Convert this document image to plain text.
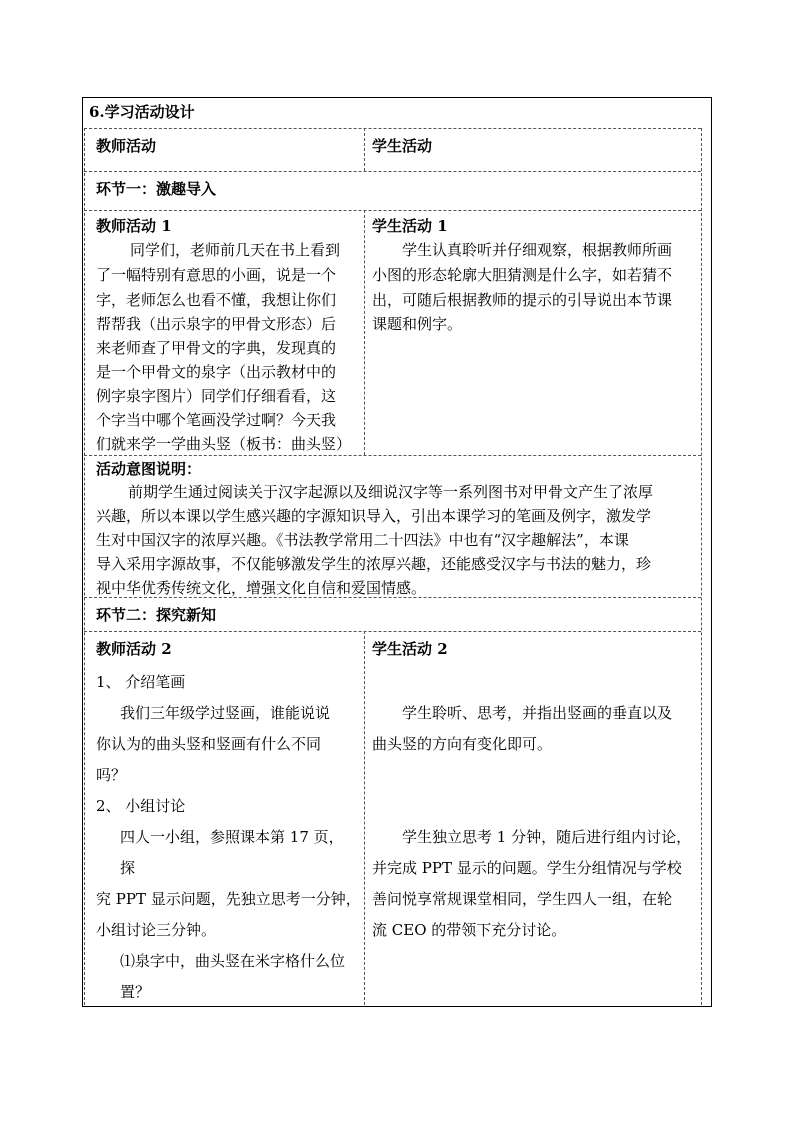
6.学习活动设计

教师活动	学生活动

环节一：激趣导入

教师活动 1

同学们，老师前几天在书上看到

了一幅特别有意思的小画，说是一个

字，老师怎么也看不懂，我想让你们

帮帮我（出示泉字的甲骨文形态）后

来老师查了甲骨文的字典，发现真的

是一个甲骨文的泉字（出示教材中的

例字泉字图片）同学们仔细看看，这

个字当中哪个笔画没学过啊？今天我

们就来学一学曲头竖（板书：曲头竖）

学生活动 1

学生认真聆听并仔细观察，根据教师所画

小图的形态轮廓大胆猜测是什么字，如若猜不

出，可随后根据教师的提示的引导说出本节课

课题和例字。

活动意图说明：

前期学生通过阅读关于汉字起源以及细说汉字等一系列图书对甲骨文产生了浓厚

兴趣，所以本课以学生感兴趣的字源知识导入，引出本课学习的笔画及例字，激发学

生对中国汉字的浓厚兴趣。《书法教学常用二十四法》中也有“汉字趣解法”，本课

导入采用字源故事，不仅能够激发学生的浓厚兴趣，还能感受汉字与书法的魅力，珍

视中华优秀传统文化，增强文化自信和爱国情感。

环节二：探究新知

教师活动 2

1、 介绍笔画

我们三年级学过竖画，谁能说说

你认为的曲头竖和竖画有什么不同

吗？

2、 小组讨论

四人一小组，参照课本第 17 页，

探

究 PPT 显示问题，先独立思考一分钟，

小组讨论三分钟。

⑴泉字中，曲头竖在米字格什么位

置？

学生活动 2

学生聆听、思考，并指出竖画的垂直以及

曲头竖的方向有变化即可。

学生独立思考 1 分钟，随后进行组内讨论，

并完成 PPT 显示的问题。学生分组情况与学校

善问悦享常规课堂相同，学生四人一组，在轮

流 CEO 的带领下充分讨论。
